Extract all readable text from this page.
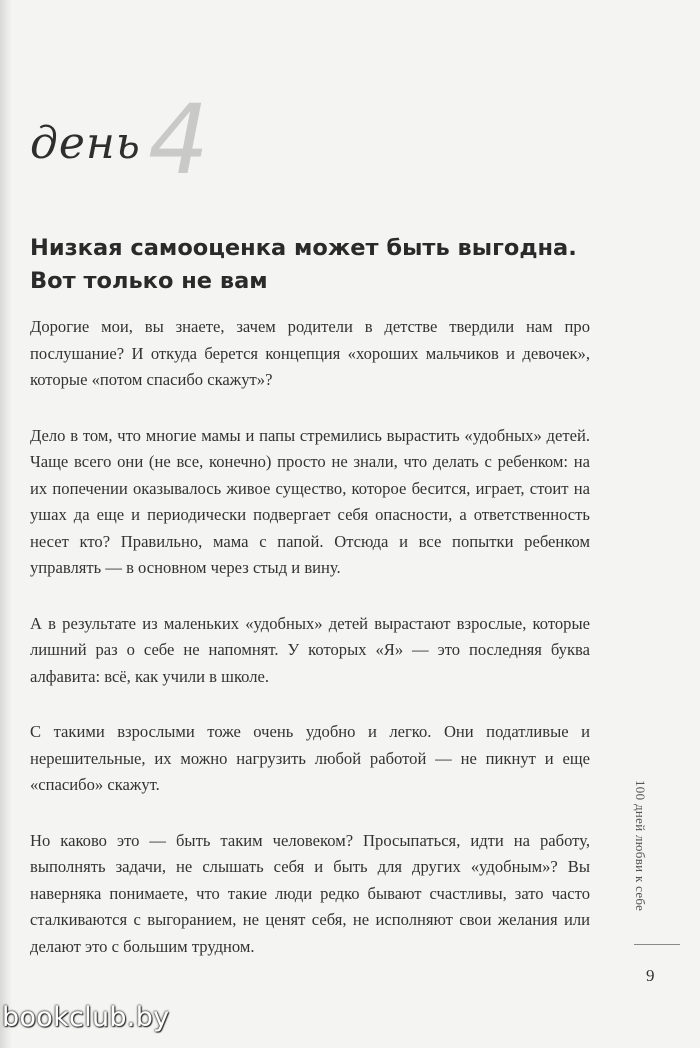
день 4
Низкая самооценка может быть выгодна.
Вот только не вам

Дорогие мои, вы знаете, зачем родители в детстве твердили нам про послушание? И откуда берется концепция «хороших мальчиков и девочек», которые «потом спасибо скажут»?

Дело в том, что многие мамы и папы стремились вырастить «удобных» детей. Чаще всего они (не все, конечно) просто не знали, что делать с ребенком: на их попечении оказывалось живое существо, которое бесится, играет, стоит на ушах да еще и периодически подвергает себя опасности, а ответственность несет кто? Правильно, мама с папой. Отсюда и все попытки ребенком управлять — в основном через стыд и вину.

А в результате из маленьких «удобных» детей вырастают взрослые, которые лишний раз о себе не напомнят. У которых «Я» — это последняя буква алфавита: всё, как учили в школе.

С такими взрослыми тоже очень удобно и легко. Они податливые и нерешительные, их можно нагрузить любой работой — не пикнут и еще «спасибо» скажут.

Но каково это — быть таким человеком? Просыпаться, идти на работу, выполнять задачи, не слышать себя и быть для других «удобным»? Вы наверняка понимаете, что такие люди редко бывают счастливы, зато часто сталкиваются с выгоранием, не ценят себя, не исполняют свои желания или делают это с большим трудном.

100 дней любви к себе
9
bookclub.by
